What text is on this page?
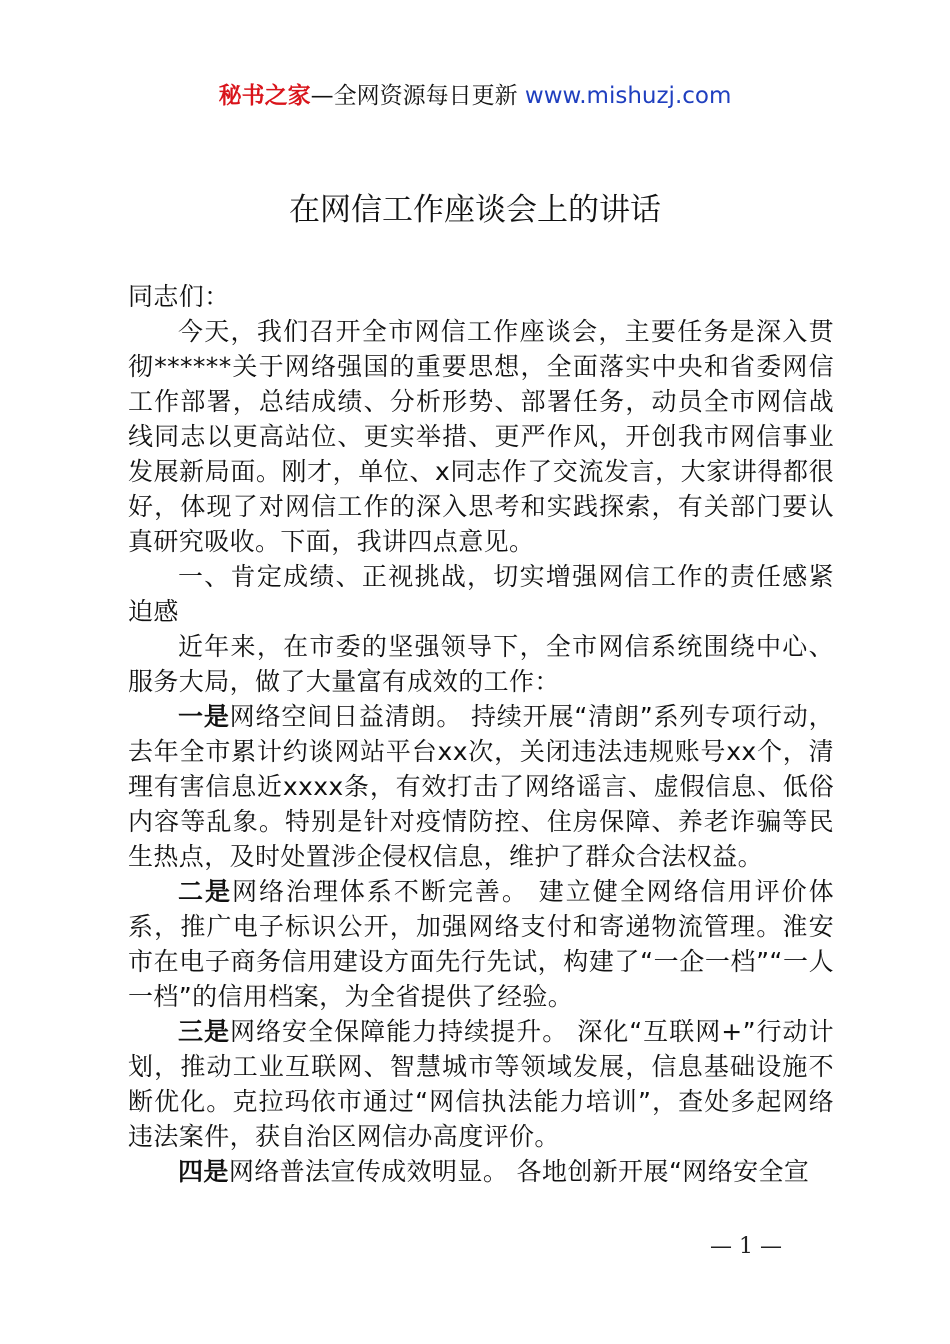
秘书之家—全网资源每日更新 www.mishuzj.com
在网信工作座谈会上的讲话

同志们：

今天，我们召开全市网信工作座谈会，主要任务是深入贯彻******关于网络强国的重要思想，全面落实中央和省委网信工作部署，总结成绩、分析形势、部署任务，动员全市网信战线同志以更高站位、更实举措、更严作风，开创我市网信事业发展新局面。刚才，单位、x同志作了交流发言，大家讲得都很好，体现了对网信工作的深入思考和实践探索，有关部门要认真研究吸收。下面，我讲四点意见。

一、肯定成绩、正视挑战，切实增强网信工作的责任感紧迫感

近年来，在市委的坚强领导下，全市网信系统围绕中心、服务大局，做了大量富有成效的工作：

一是网络空间日益清朗。 持续开展“清朗”系列专项行动，去年全市累计约谈网站平台xx次，关闭违法违规账号xx个，清理有害信息近xxxx条，有效打击了网络谣言、虚假信息、低俗内容等乱象。特别是针对疫情防控、住房保障、养老诈骗等民生热点，及时处置涉企侵权信息，维护了群众合法权益。

二是网络治理体系不断完善。 建立健全网络信用评价体系，推广电子标识公开，加强网络支付和寄递物流管理。淮安市在电子商务信用建设方面先行先试，构建了“一企一档”“一人一档”的信用档案，为全省提供了经验。

三是网络安全保障能力持续提升。 深化“互联网+”行动计划，推动工业互联网、智慧城市等领域发展，信息基础设施不断优化。克拉玛依市通过“网信执法能力培训”，查处多起网络违法案件，获自治区网信办高度评价。

四是网络普法宣传成效明显。 各地创新开展“网络安全宣

— 1 —
